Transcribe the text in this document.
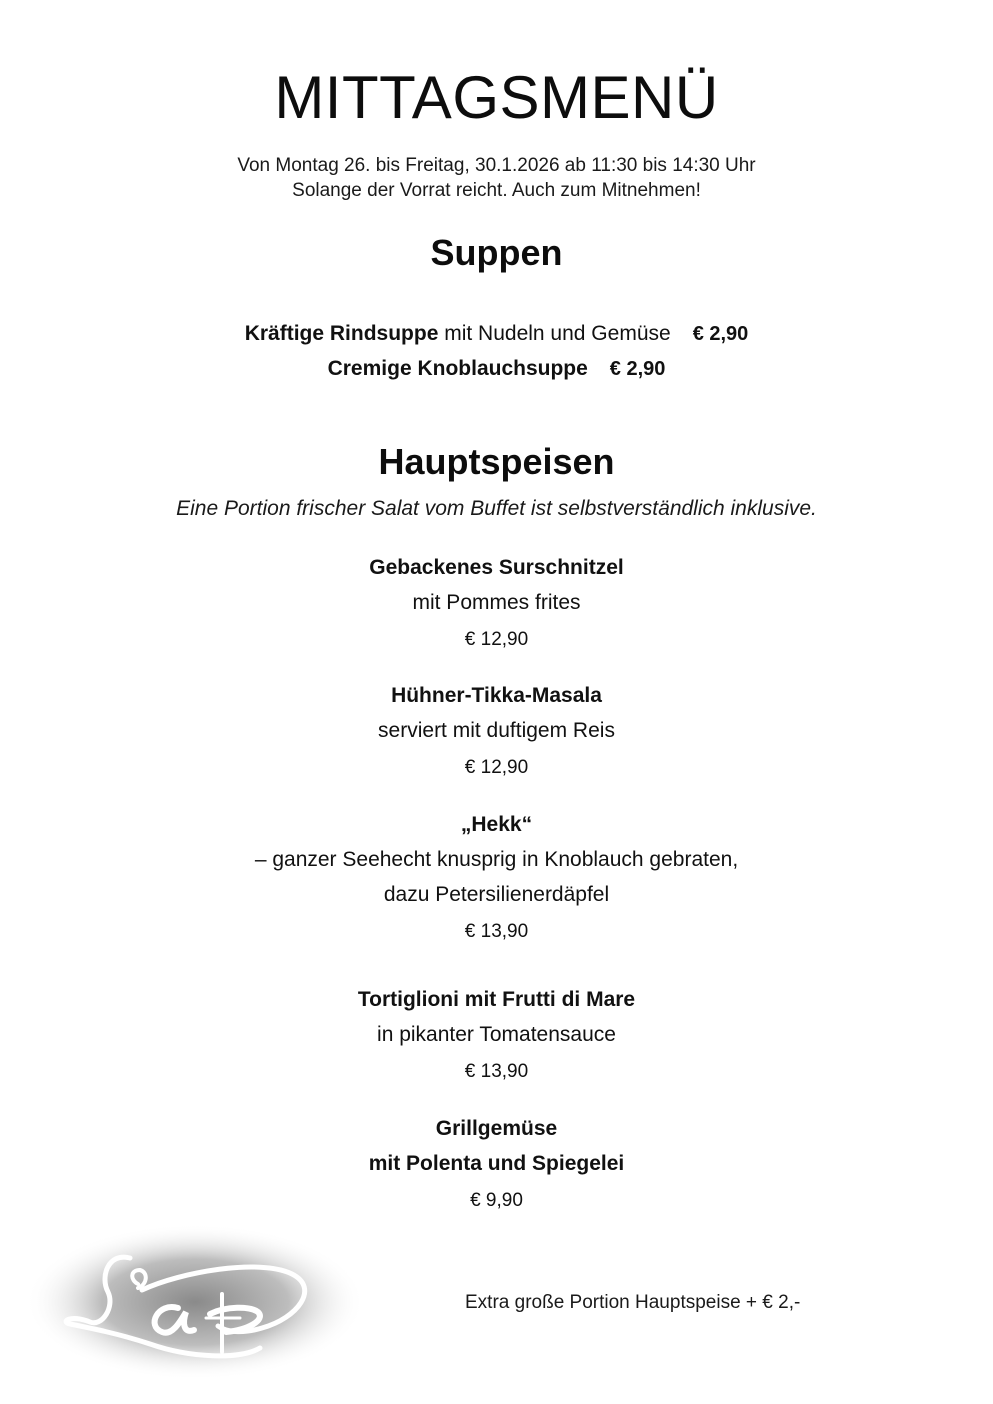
MITTAGSMENÜ
Von Montag 26. bis Freitag, 30.1.2026 ab 11:30 bis 14:30 Uhr
Solange der Vorrat reicht. Auch zum Mitnehmen!
Suppen
Kräftige Rindsuppe mit Nudeln und Gemüse € 2,90
Cremige Knoblauchsuppe € 2,90
Hauptspeisen
Eine Portion frischer Salat vom Buffet ist selbstverständlich inklusive.
Gebackenes Surschnitzel
mit Pommes frites
€ 12,90
Hühner-Tikka-Masala
serviert mit duftigem Reis
€ 12,90
„Hekk“
– ganzer Seehecht knusprig in Knoblauch gebraten,
dazu Petersilienerdäpfel
€ 13,90
Tortiglioni mit Frutti di Mare
in pikanter Tomatensauce
€ 13,90
Grillgemüse
mit Polenta und Spiegelei
€ 9,90
Extra große Portion Hauptspeise + € 2,-
